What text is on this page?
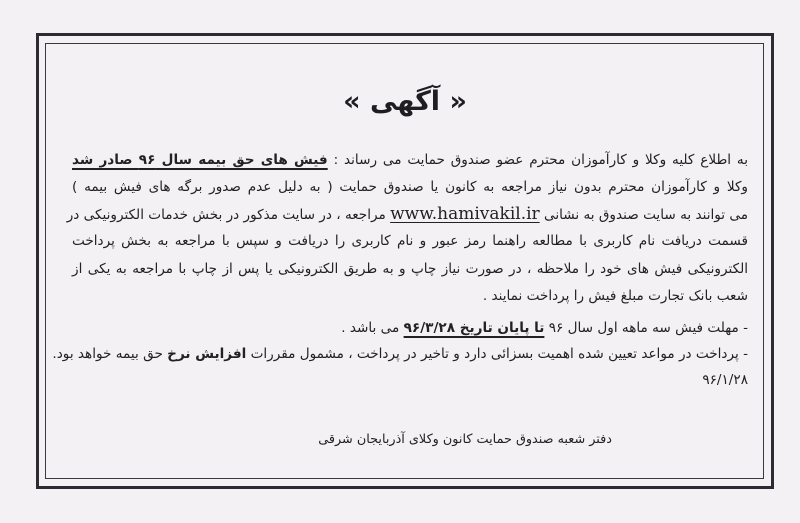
« آگهی »
به اطلاع کلیه وکلا و کارآموزان محترم عضو صندوق حمایت می رساند : فیش های حق بیمه سال ۹۶ صادر شد
وکلا و کارآموزان محترم بدون نیاز مراجعه به کانون یا صندوق حمایت ( به دلیل عدم صدور برگه های فیش بیمه )
می توانند به سایت صندوق به نشانی www.hamivakil.ir مراجعه ، در سایت مذکور در بخش خدمات الکترونیکی در
قسمت دریافت نام کاربری با مطالعه راهنما رمز عبور و نام کاربری را دریافت و سپس با مراجعه به بخش پرداخت
الکترونیکی فیش های خود را ملاحظه ، در صورت نیاز چاپ و به طریق الکترونیکی یا پس از چاپ با مراجعه به یکی از
شعب بانک تجارت مبلغ فیش را پرداخت نمایند .
- مهلت فیش سه ماهه اول سال ۹۶ تا پایان تاریخ ۹۶/۳/۲۸ می باشد .
- پرداخت در مواعد تعیین شده اهمیت بسزائی دارد و تاخیر در پرداخت ، مشمول مقررات افزایش نرخ حق بیمه خواهد بود.
۹۶/۱/۲۸
دفتر شعبه صندوق حمایت کانون وکلای آذربایجان شرقی
